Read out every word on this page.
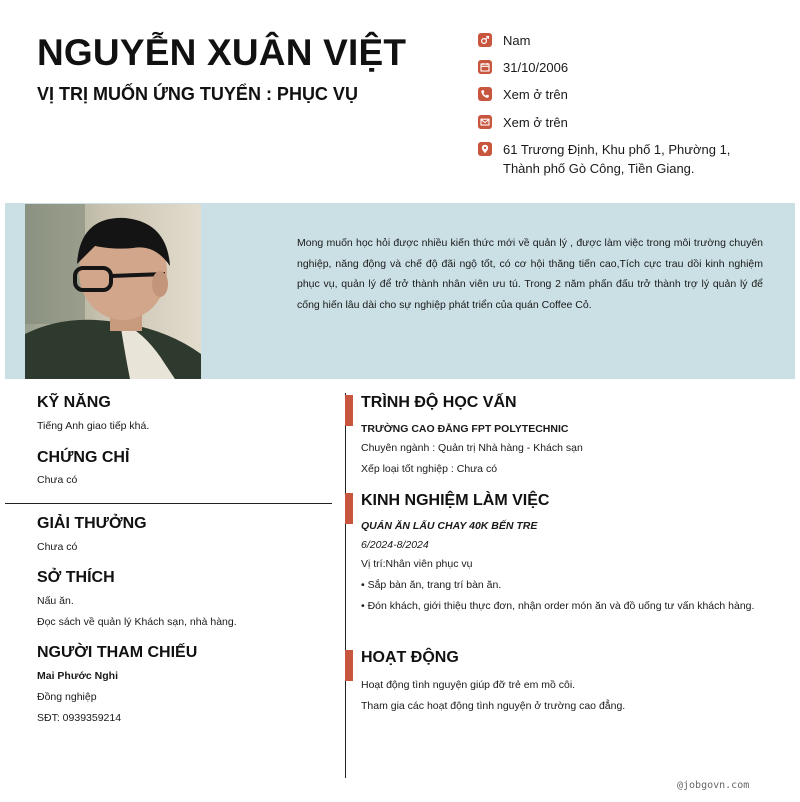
NGUYỄN XUÂN VIỆT
VỊ TRỊ MUỐN ỨNG TUYỂN : PHỤC VỤ
Nam
31/10/2006
Xem ở trên
Xem ở trên
61 Trương Định, Khu phố 1, Phường 1, Thành phố Gò Công, Tiền Giang.
Mong muốn học hỏi được nhiều kiến thức mới về quản lý , được làm việc trong môi trường chuyên nghiệp, năng động và chế độ đãi ngộ tốt, có cơ hội thăng tiến cao,Tích cực trau dồi kinh nghiệm phục vụ, quản lý để trở thành nhân viên ưu tú. Trong 2 năm phấn đấu trở thành trợ lý quản lý để cống hiến lâu dài cho sự nghiệp phát triển của quán Coffee Cỏ.
KỸ NĂNG
Tiếng Anh giao tiếp khá.
CHỨNG CHỈ
Chưa có
GIẢI THƯỞNG
Chưa có
SỞ THÍCH
Nấu ăn.
Đọc sách về quản lý Khách sạn, nhà hàng.
NGƯỜI THAM CHIẾU
Mai Phước Nghi
Đồng nghiệp
SĐT: 0939359214
TRÌNH ĐỘ HỌC VẤN
TRƯỜNG CAO ĐẲNG FPT POLYTECHNIC
Chuyên ngành : Quản trị Nhà hàng - Khách sạn
Xếp loại tốt nghiệp : Chưa có
KINH NGHIỆM LÀM VIỆC
QUÁN ĂN LẨU CHAY 40K BẾN TRE
6/2024-8/2024
Vị trí:Nhân viên phục vụ
• Sắp bàn ăn, trang trí bàn ăn.
• Đón khách, giới thiệu thực đơn, nhận order món ăn và đồ uống tư vấn khách hàng.
HOẠT ĐỘNG
Hoạt động tình nguyện giúp đỡ trẻ em mồ côi.
Tham gia các hoạt động tình nguyện ở trường cao đẳng.
@jobgovn.com
